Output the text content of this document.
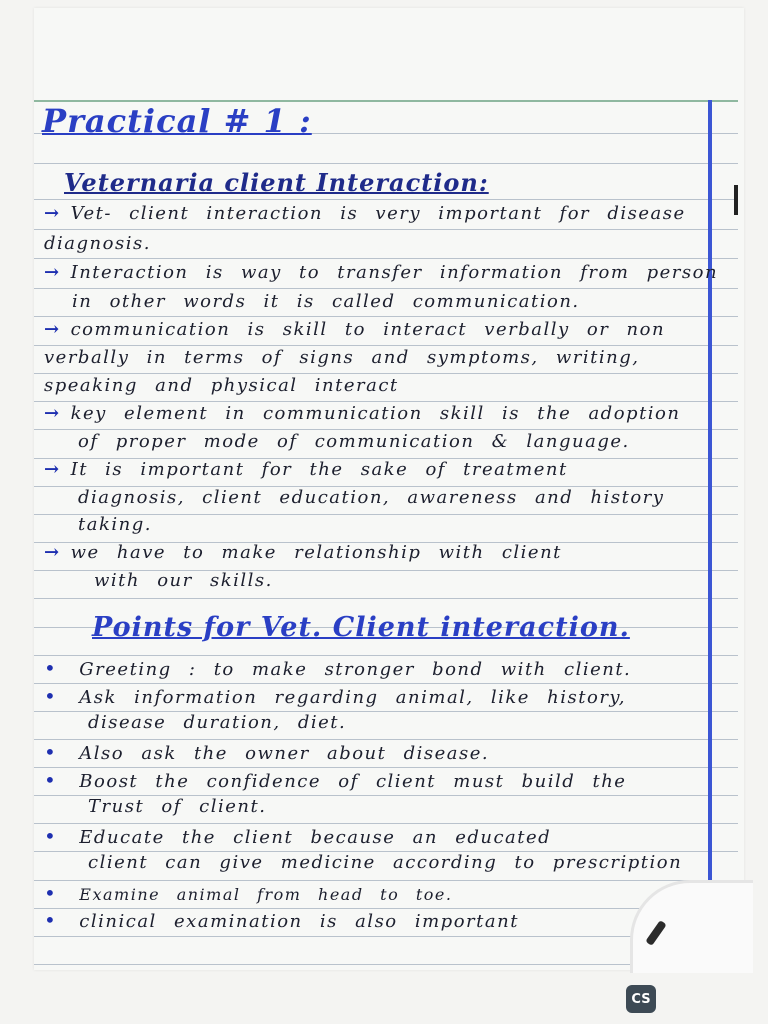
Practical # 1 :
Veternaria client Interaction:
→ Vet- client interaction is very important for disease
diagnosis.
→ Interaction is way to transfer information from person
in other words it is called communication.
→ communication is skill to interact verbally or non
verbally in terms of signs and symptoms, writing,
speaking and physical interact
→ key element in communication skill is the adoption
of proper mode of communication & language.
→ It is important for the sake of treatment
diagnosis, client education, awareness and history
taking.
→ we have to make relationship with client
with our skills.
Points for Vet. Client interaction.
• Greeting : to make stronger bond with client.
• Ask information regarding animal, like history,
disease duration, diet.
• Also ask the owner about disease.
• Boost the confidence of client must build the
Trust of client.
• Educate the client because an educated
client can give medicine according to prescription
• Examine animal from head to toe.
• clinical examination is also important
CS
